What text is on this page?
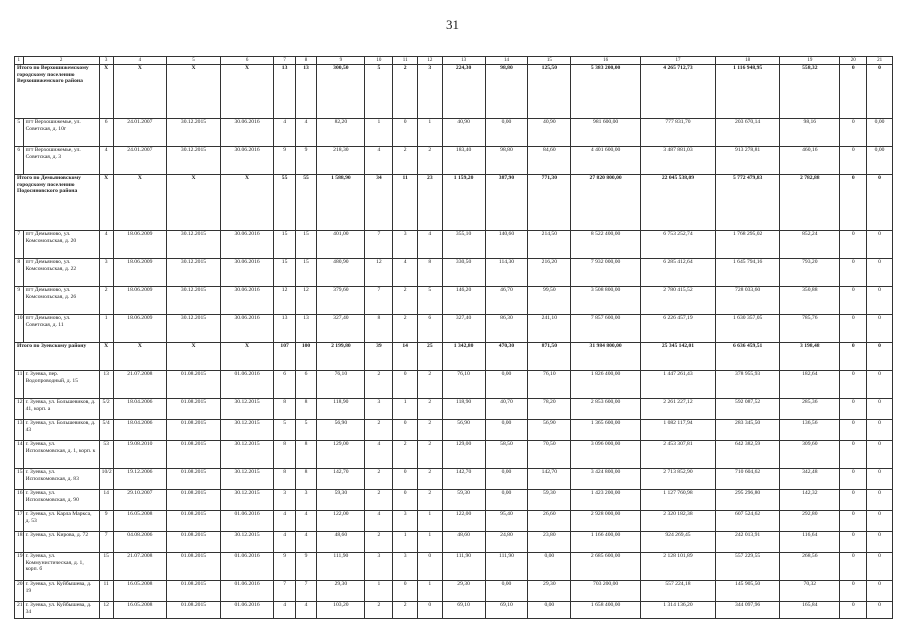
31
1	2	3	4	5	6	7	8	9	10	11	12	13	14	15	16	17	18	19	20	21
Итого по Верхошижемскому городскому поселению Верхошижемского района		X	X	X	X	13	13	300,50	5	2	3	224,30	98,80	125,50	5 383 200,00	4 265 712,73	1 116 948,95	558,32	0	0
5	пгт Верхошижемье, ул. Советская, д. 10г	6	24.01.2007	30.12.2015	30.06.2016	4	4	82,20	1	0	1	40,90	0,00	40,90	981 600,00	777 831,70	203 670,14	98,16	0	0,00
6	пгт Верхошижемье, ул. Советская, д. 3	4	24.01.2007	30.12.2015	30.06.2016	9	9	218,30	4	2	2	183,40	98,80	84,60	4 401 600,00	3 487 881,03	913 278,81	460,16	0	0,00
Итого по Демьяновскому городскому поселению Подосиновского района		X	X	X	X	55	55	1 588,90	34	11	23	1 159,20	387,90	771,30	27 820 800,00	22 045 538,09	5 772 479,83	2 782,88	0	0
7	пгт Демьяново, ул. Комсомольская, д. 20	4	18.06.2009	30.12.2015	30.06.2016	15	15	401,00	7	3	4	355,10	140,60	214,50	8 522 400,00	6 753 252,74	1 768 295,02	852,24	0	0
8	пгт Демьяново, ул. Комсомольская, д. 22	3	18.06.2009	30.12.2015	30.06.2016	15	15	480,90	12	4	8	330,50	114,30	216,20	7 932 000,00	6 285 412,64	1 645 794,16	793,20	0	0
9	пгт Демьяново, ул. Комсомольская, д. 26	2	18.06.2009	30.12.2015	30.06.2016	12	12	379,60	7	2	5	146,20	46,70	99,50	3 508 800,00	2 780 415,52	728 033,60	350,88	0	0
10	пгт Демьяново, ул. Советская, д. 11	1	18.06.2009	30.12.2015	30.06.2016	13	13	327,40	8	2	6	327,40	86,30	241,10	7 857 600,00	6 226 457,19	1 630 357,05	785,76	0	0
Итого по Зуевскому району		X	X	X	X	107	100	2 199,80	39	14	25	1 342,80	470,30	871,50	31 984 800,00	25 345 142,01	6 636 459,51	3 198,48	0	0
11	г. Зуевка, пер. Водопроводный, д. 15	13	21.07.2008	01.08.2015	01.06.2016	6	6	76,10	2	0	2	76,10	0,00	76,10	1 826 400,00	1 447 261,43	378 955,93	182,64	0	0
12	г. Зуевка, ул. Большевиков, д. 41, корп. а	5/2	18.04.2006	01.08.2015	30.12.2015	8	8	118,90	3	1	2	118,90	40,70	78,20	2 853 600,00	2 261 227,12	592 087,52	285,36	0	0
13	г. Зуевка, ул. Большевиков, д. 43	5/4	18.04.2006	01.08.2015	30.12.2015	5	5	56,90	2	0	2	56,90	0,00	56,90	1 365 600,00	1 082 117,94	283 345,50	136,56	0	0
14	г. Зуевка, ул. Исполкомовская, д. 1, корп. к	53	19.08.2010	01.08.2015	30.12.2015	8	8	129,00	4	2	2	129,00	58,50	70,50	3 096 000,00	2 453 307,81	642 382,59	309,60	0	0
15	г. Зуевка, ул. Исполкомовская, д. 83	10/2	19.12.2006	01.08.2015	30.12.2015	8	8	142,70	2	0	2	142,70	0,00	142,70	3 424 800,00	2 713 852,90	710 604,62	342,48	0	0
16	г. Зуевка, ул. Исполкомовская, д. 90	14	29.10.2007	01.08.2015	30.12.2015	3	3	59,30	2	0	2	59,30	0,00	59,30	1 423 200,00	1 127 760,98	295 296,80	142,32	0	0
17	г. Зуевка, ул. Карла Маркса, д. 53	9	16.05.2008	01.08.2015	01.06.2016	4	4	122,00	4	3	1	122,00	95,40	26,60	2 928 000,00	2 320 182,38	607 524,62	292,80	0	0
18	г. Зуевка, ул. Кирова, д. 72	7	04.08.2006	01.08.2015	30.12.2015	4	4	48,60	2	1	1	48,60	24,80	23,80	1 166 400,00	924 269,45	242 013,91	116,64	0	0
19	г. Зуевка, ул. Коммунистическая, д. 1, корп. б	15	21.07.2008	01.08.2015	01.06.2016	9	9	111,90	3	3	0	111,90	111,90	0,00	2 685 600,00	2 128 101,89	557 229,55	268,56	0	0
20	г. Зуевка, ул. Куйбышева, д. 19	11	16.05.2008	01.08.2015	01.06.2016	7	7	29,30	1	0	1	29,30	0,00	29,30	703 200,00	557 224,18	145 905,50	70,32	0	0
21	г. Зуевка, ул. Куйбышева, д. 34	12	16.05.2008	01.08.2015	01.06.2016	4	4	103,20	2	2	0	69,10	69,10	0,00	1 658 400,00	1 314 136,20	344 097,96	165,84	0	0
